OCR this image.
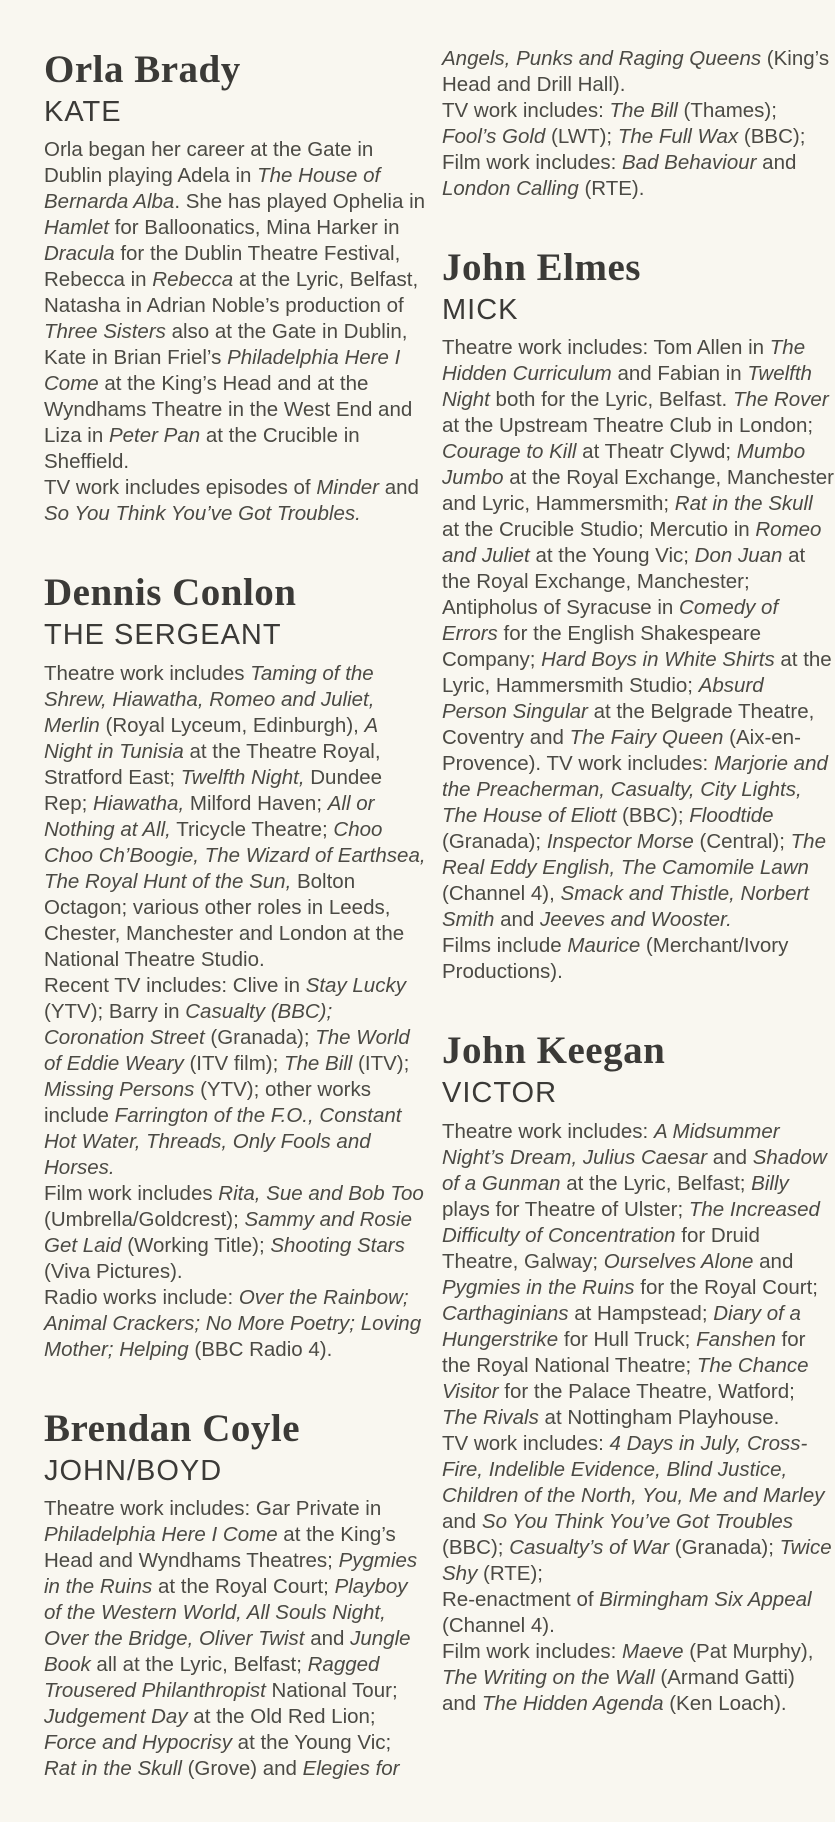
Orla Brady
KATE

Orla began her career at the Gate in Dublin playing Adela in The House of Bernarda Alba. She has played Ophelia in Hamlet for Balloonatics, Mina Harker in Dracula for the Dublin Theatre Festival, Rebecca in Rebecca at the Lyric, Belfast, Natasha in Adrian Noble’s production of Three Sisters also at the Gate in Dublin, Kate in Brian Friel’s Philadelphia Here I Come at the King’s Head and at the Wyndhams Theatre in the West End and Liza in Peter Pan at the Crucible in Sheffield.

TV work includes episodes of Minder and So You Think You’ve Got Troubles.

Dennis Conlon
THE SERGEANT

Theatre work includes Taming of the Shrew, Hiawatha, Romeo and Juliet, Merlin (Royal Lyceum, Edinburgh), A Night in Tunisia at the Theatre Royal, Stratford East; Twelfth Night, Dundee Rep; Hiawatha, Milford Haven; All or Nothing at All, Tricycle Theatre; Choo Choo Ch’Boogie, The Wizard of Earthsea, The Royal Hunt of the Sun, Bolton Octagon; various other roles in Leeds, Chester, Manchester and London at the National Theatre Studio.

Recent TV includes: Clive in Stay Lucky (YTV); Barry in Casualty (BBC); Coronation Street (Granada); The World of Eddie Weary (ITV film); The Bill (ITV); Missing Persons (YTV); other works include Farrington of the F.O., Constant Hot Water, Threads, Only Fools and Horses.

Film work includes Rita, Sue and Bob Too (Umbrella/Goldcrest); Sammy and Rosie Get Laid (Working Title); Shooting Stars (Viva Pictures).

Radio works include: Over the Rainbow; Animal Crackers; No More Poetry; Loving Mother; Helping (BBC Radio 4).

Brendan Coyle
JOHN/BOYD

Theatre work includes: Gar Private in Philadelphia Here I Come at the King’s Head and Wyndhams Theatres; Pygmies in the Ruins at the Royal Court; Playboy of the Western World, All Souls Night, Over the Bridge, Oliver Twist and Jungle Book all at the Lyric, Belfast; Ragged Trousered Philanthropist National Tour; Judgement Day at the Old Red Lion; Force and Hypocrisy at the Young Vic; Rat in the Skull (Grove) and Elegies for

Angels, Punks and Raging Queens (King’s Head and Drill Hall).

TV work includes: The Bill (Thames); Fool’s Gold (LWT); The Full Wax (BBC);

Film work includes: Bad Behaviour and London Calling (RTE).

John Elmes
MICK

Theatre work includes: Tom Allen in The Hidden Curriculum and Fabian in Twelfth Night both for the Lyric, Belfast. The Rover at the Upstream Theatre Club in London; Courage to Kill at Theatr Clywd; Mumbo Jumbo at the Royal Exchange, Manchester and Lyric, Hammersmith; Rat in the Skull at the Crucible Studio; Mercutio in Romeo and Juliet at the Young Vic; Don Juan at the Royal Exchange, Manchester; Antipholus of Syracuse in Comedy of Errors for the English Shakespeare Company; Hard Boys in White Shirts at the Lyric, Hammersmith Studio; Absurd Person Singular at the Belgrade Theatre, Coventry and The Fairy Queen (Aix-en-Provence). TV work includes: Marjorie and the Preacherman, Casualty, City Lights, The House of Eliott (BBC); Floodtide (Granada); Inspector Morse (Central); The Real Eddy English, The Camomile Lawn (Channel 4), Smack and Thistle, Norbert Smith and Jeeves and Wooster.

Films include Maurice (Merchant/Ivory Productions).

John Keegan
VICTOR

Theatre work includes: A Midsummer Night’s Dream, Julius Caesar and Shadow of a Gunman at the Lyric, Belfast; Billy plays for Theatre of Ulster; The Increased Difficulty of Concentration for Druid Theatre, Galway; Ourselves Alone and Pygmies in the Ruins for the Royal Court; Carthaginians at Hampstead; Diary of a Hungerstrike for Hull Truck; Fanshen for the Royal National Theatre; The Chance Visitor for the Palace Theatre, Watford; The Rivals at Nottingham Playhouse.

TV work includes: 4 Days in July, Cross-Fire, Indelible Evidence, Blind Justice, Children of the North, You, Me and Marley and So You Think You’ve Got Troubles (BBC); Casualty’s of War (Granada); Twice Shy (RTE);

Re-enactment of Birmingham Six Appeal (Channel 4).

Film work includes: Maeve (Pat Murphy), The Writing on the Wall (Armand Gatti) and The Hidden Agenda (Ken Loach).
